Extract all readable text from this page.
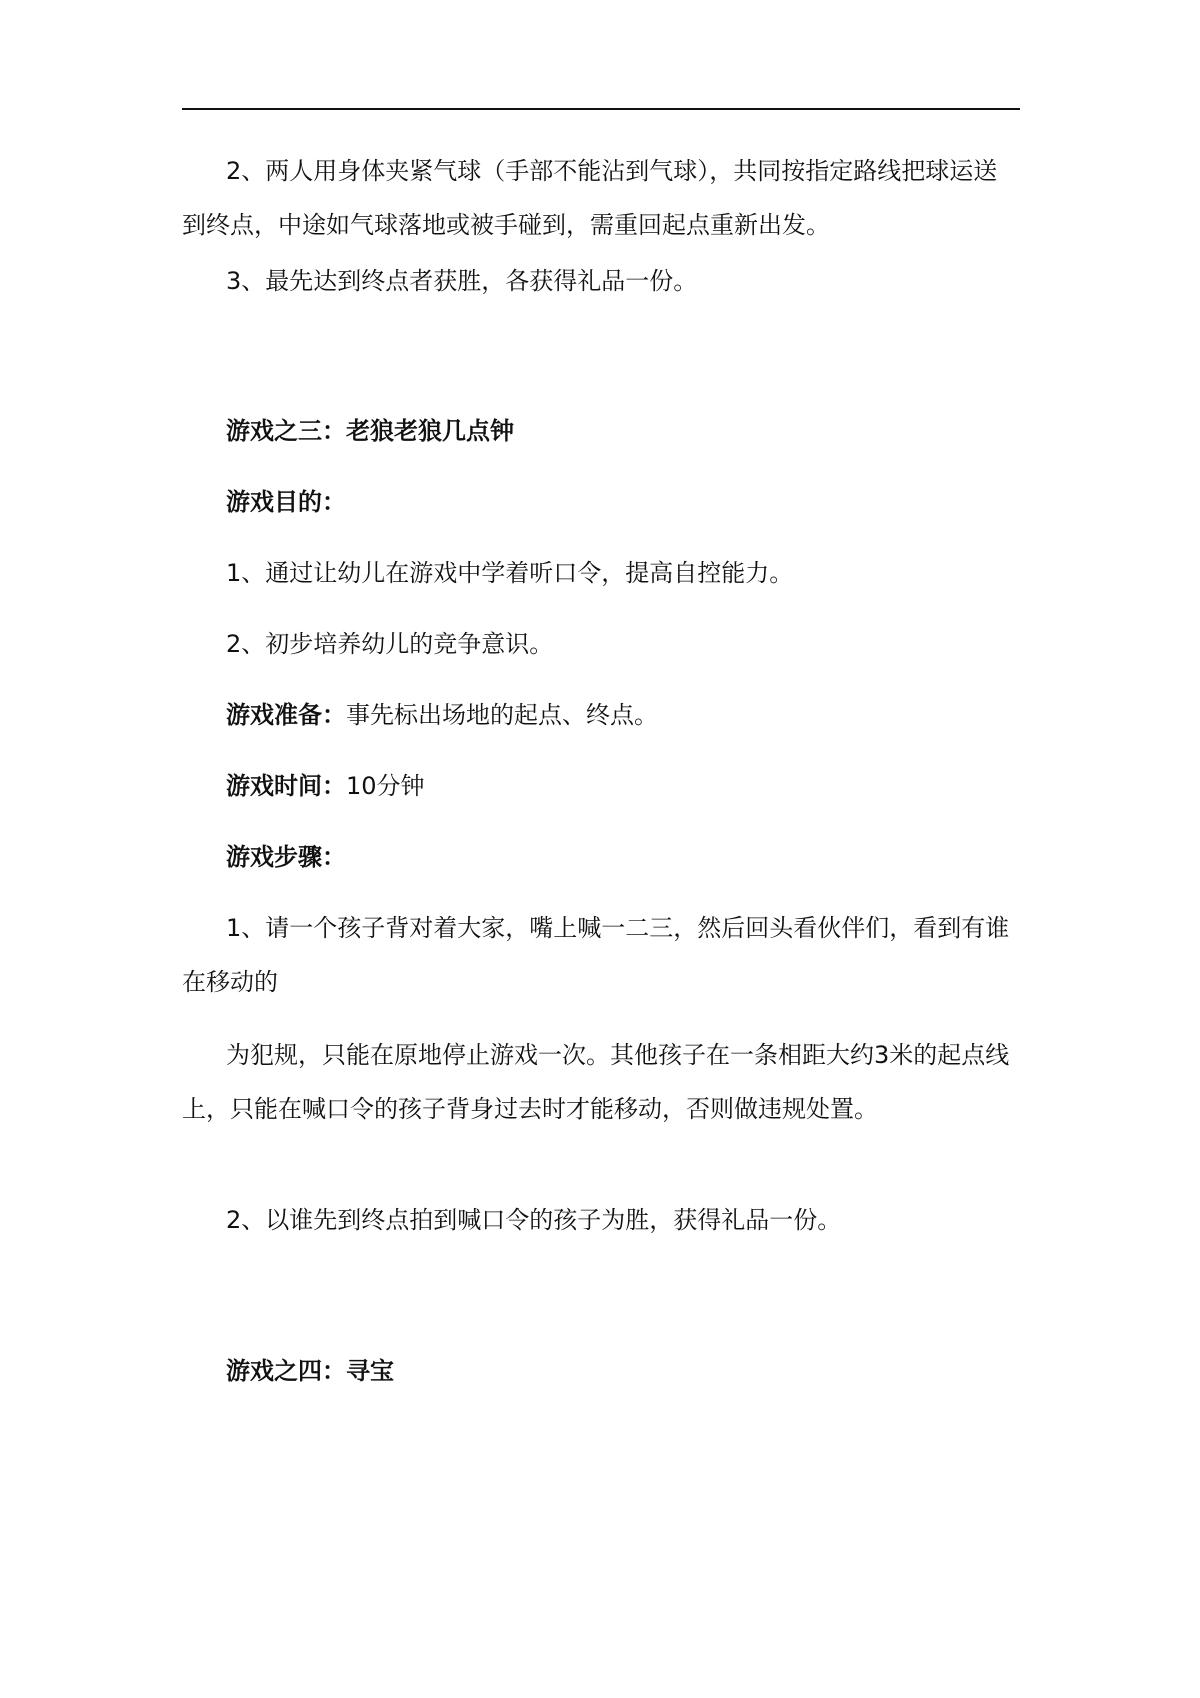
2、两人用身体夹紧气球（手部不能沾到气球），共同按指定路线把球运送到终点，中途如气球落地或被手碰到，需重回起点重新出发。

3、最先达到终点者获胜，各获得礼品一份。

游戏之三：老狼老狼几点钟

游戏目的：

1、通过让幼儿在游戏中学着听口令，提高自控能力。

2、初步培养幼儿的竞争意识。

游戏准备：事先标出场地的起点、终点。

游戏时间：10分钟

游戏步骤：

1、请一个孩子背对着大家，嘴上喊一二三，然后回头看伙伴们，看到有谁在移动的

为犯规，只能在原地停止游戏一次。其他孩子在一条相距大约3米的起点线上，只能在喊口令的孩子背身过去时才能移动，否则做违规处置。

2、以谁先到终点拍到喊口令的孩子为胜，获得礼品一份。

游戏之四：寻宝
